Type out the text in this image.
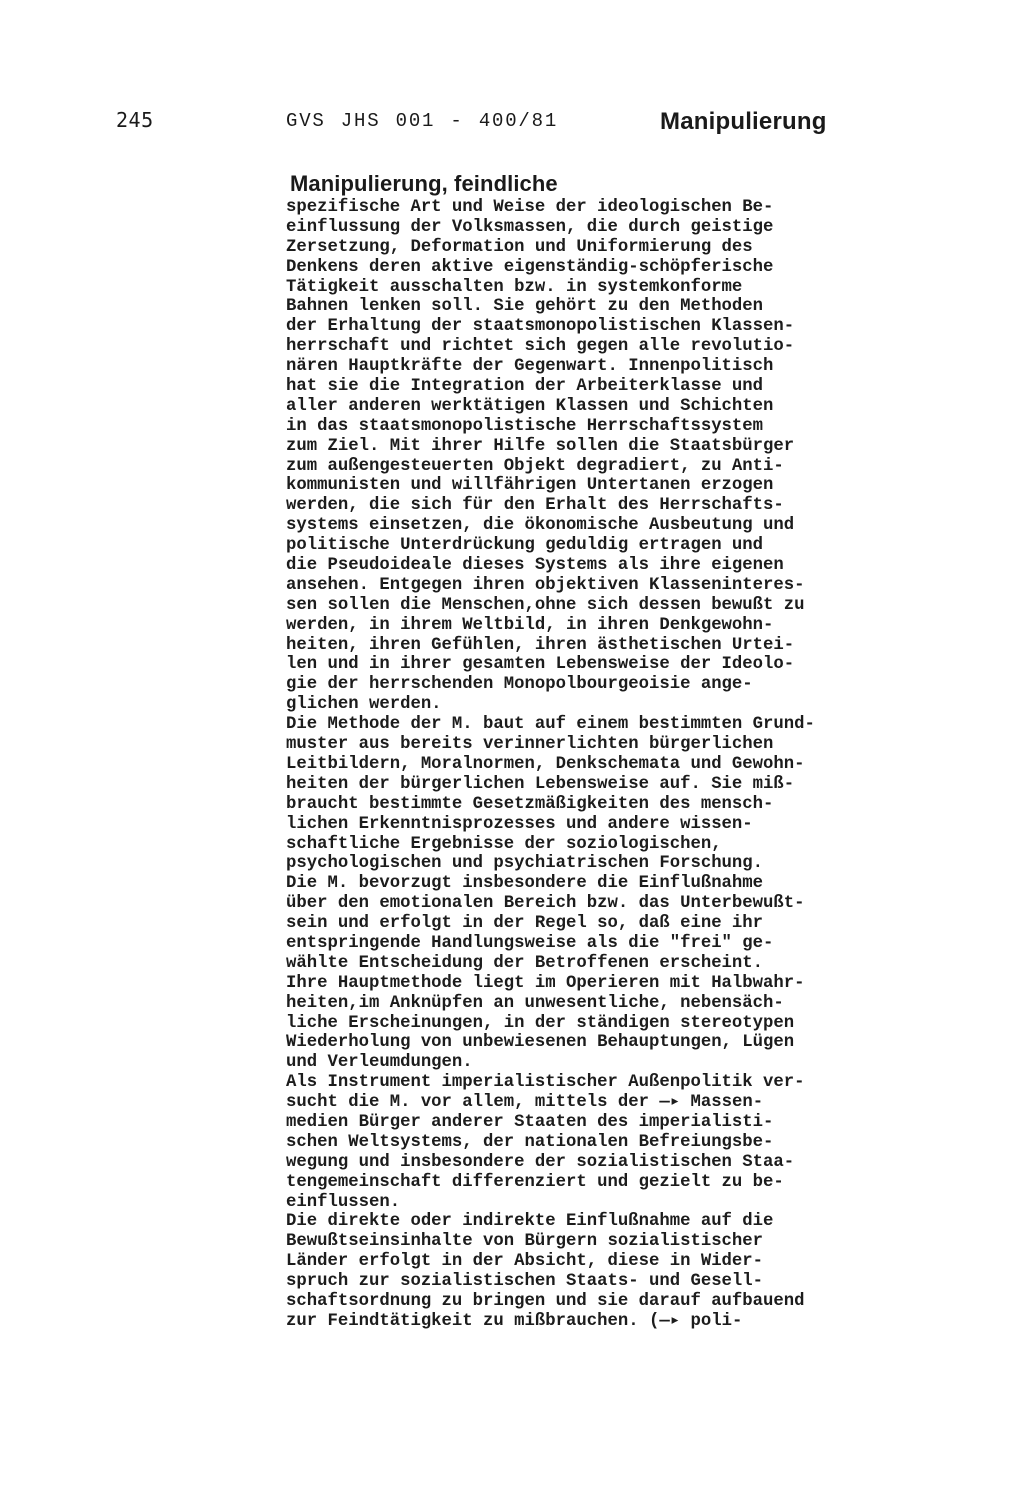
245	GVS JHS 001 - 400/81	Manipulierung
Manipulierung, feindliche
spezifische Art und Weise der ideologischen Be-
einflussung der Volksmassen, die durch geistige
Zersetzung, Deformation und Uniformierung des
Denkens deren aktive eigenständig-schöpferische
Tätigkeit ausschalten bzw. in systemkonforme
Bahnen lenken soll. Sie gehört zu den Methoden
der Erhaltung der staatsmonopolistischen Klassen-
herrschaft und richtet sich gegen alle revolutio-
nären Hauptkräfte der Gegenwart. Innenpolitisch
hat sie die Integration der Arbeiterklasse und
aller anderen werktätigen Klassen und Schichten
in das staatsmonopolistische Herrschaftssystem
zum Ziel. Mit ihrer Hilfe sollen die Staatsbürger
zum außengesteuerten Objekt degradiert, zu Anti-
kommunisten und willfährigen Untertanen erzogen
werden, die sich für den Erhalt des Herrschafts-
systems einsetzen, die ökonomische Ausbeutung und
politische Unterdrückung geduldig ertragen und
die Pseudoideale dieses Systems als ihre eigenen
ansehen. Entgegen ihren objektiven Klasseninteres-
sen sollen die Menschen,ohne sich dessen bewußt zu
werden, in ihrem Weltbild, in ihren Denkgewohn-
heiten, ihren Gefühlen, ihren ästhetischen Urtei-
len und in ihrer gesamten Lebensweise der Ideolo-
gie der herrschenden Monopolbourgeoisie ange-
glichen werden.
Die Methode der M. baut auf einem bestimmten Grund-
muster aus bereits verinnerlichten bürgerlichen
Leitbildern, Moralnormen, Denkschemata und Gewohn-
heiten der bürgerlichen Lebensweise auf. Sie miß-
braucht bestimmte Gesetzmäßigkeiten des mensch-
lichen Erkenntnisprozesses und andere wissen-
schaftliche Ergebnisse der soziologischen,
psychologischen und psychiatrischen Forschung.
Die M. bevorzugt insbesondere die Einflußnahme
über den emotionalen Bereich bzw. das Unterbewußt-
sein und erfolgt in der Regel so, daß eine ihr
entspringende Handlungsweise als die "frei" ge-
wählte Entscheidung der Betroffenen erscheint.
Ihre Hauptmethode liegt im Operieren mit Halbwahr-
heiten,im Anknüpfen an unwesentliche, nebensäch-
liche Erscheinungen, in der ständigen stereotypen
Wiederholung von unbewiesenen Behauptungen, Lügen
und Verleumdungen.
Als Instrument imperialistischer Außenpolitik ver-
sucht die M. vor allem, mittels der —▸ Massen-
medien Bürger anderer Staaten des imperialisti-
schen Weltsystems, der nationalen Befreiungsbe-
wegung und insbesondere der sozialistischen Staa-
tengemeinschaft differenziert und gezielt zu be-
einflussen.
Die direkte oder indirekte Einflußnahme auf die
Bewußtseinsinhalte von Bürgern sozialistischer
Länder erfolgt in der Absicht, diese in Wider-
spruch zur sozialistischen Staats- und Gesell-
schaftsordnung zu bringen und sie darauf aufbauend
zur Feindtätigkeit zu mißbrauchen. (—▸ poli-
